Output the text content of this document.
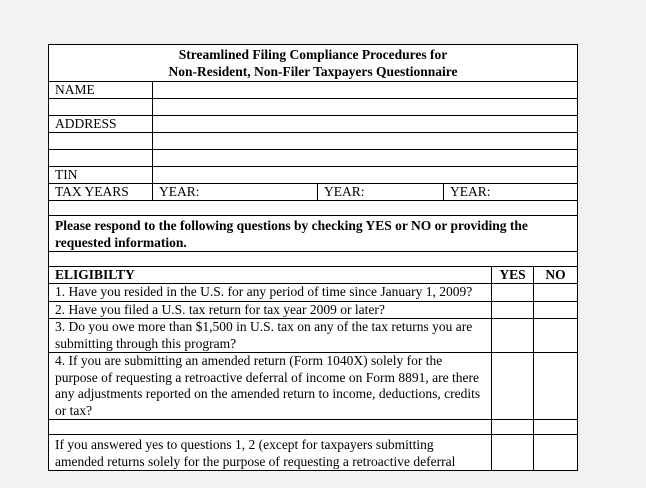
Streamlined Filing Compliance Procedures for
Non-Resident, Non-Filer Taxpayers Questionnaire					

NAME					

ADDRESS					

TIN					
TAX YEARS	YEAR:	YEAR:	YEAR:		

Please respond to the following questions by checking YES or NO or providing the requested information.					

ELIGIBILTY				YES	NO
1. Have you resided in the U.S. for any period of time since January 1, 2009?					
2. Have you filed a U.S. tax return for tax year 2009 or later?					
3. Do you owe more than $1,500 in U.S. tax on any of the tax returns you are submitting through this program?					
4. If you are submitting an amended return (Form 1040X) solely for the purpose of requesting a retroactive deferral of income on Form 8891, are there any adjustments reported on the amended return to income, deductions, credits or tax?					

If you answered yes to questions 1, 2 (except for taxpayers submitting amended returns solely for the purpose of requesting a retroactive deferral					
